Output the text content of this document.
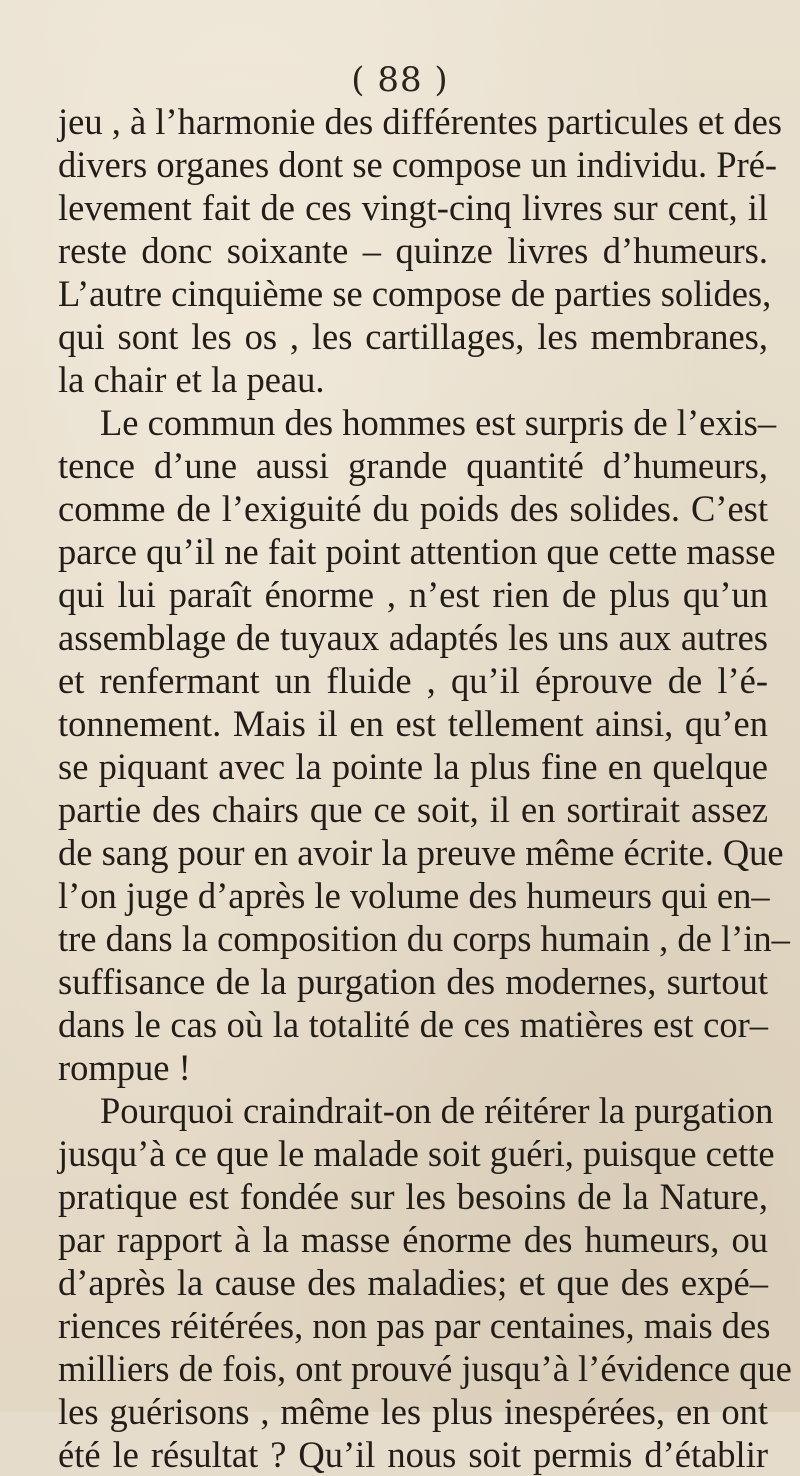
( 88 )
jeu , à l’harmonie des différentes particules et des
divers organes dont se compose un individu. Pré-
levement fait de ces vingt-cinq livres sur cent, il
reste donc soixante – quinze livres d’humeurs.
L’autre cinquième se compose de parties solides,
qui sont les os , les cartillages, les membranes,
la chair et la peau.
Le commun des hommes est surpris de l’exis–
tence d’une aussi grande quantité d’humeurs,
comme de l’exiguité du poids des solides. C’est
parce qu’il ne fait point attention que cette masse
qui lui paraît énorme , n’est rien de plus qu’un
assemblage de tuyaux adaptés les uns aux autres
et renfermant un fluide , qu’il éprouve de l’é-
tonnement. Mais il en est tellement ainsi, qu’en
se piquant avec la pointe la plus fine en quelque
partie des chairs que ce soit, il en sortirait assez
de sang pour en avoir la preuve même écrite. Que
l’on juge d’après le volume des humeurs qui en–
tre dans la composition du corps humain , de l’in–
suffisance de la purgation des modernes, surtout
dans le cas où la totalité de ces matières est cor–
rompue !
Pourquoi craindrait-on de réitérer la purgation
jusqu’à ce que le malade soit guéri, puisque cette
pratique est fondée sur les besoins de la Nature,
par rapport à la masse énorme des humeurs, ou
d’après la cause des maladies; et que des expé–
riences réitérées, non pas par centaines, mais des
milliers de fois, ont prouvé jusqu’à l’évidence que
les guérisons , même les plus inespérées, en ont
été le résultat ? Qu’il nous soit permis d’établir
